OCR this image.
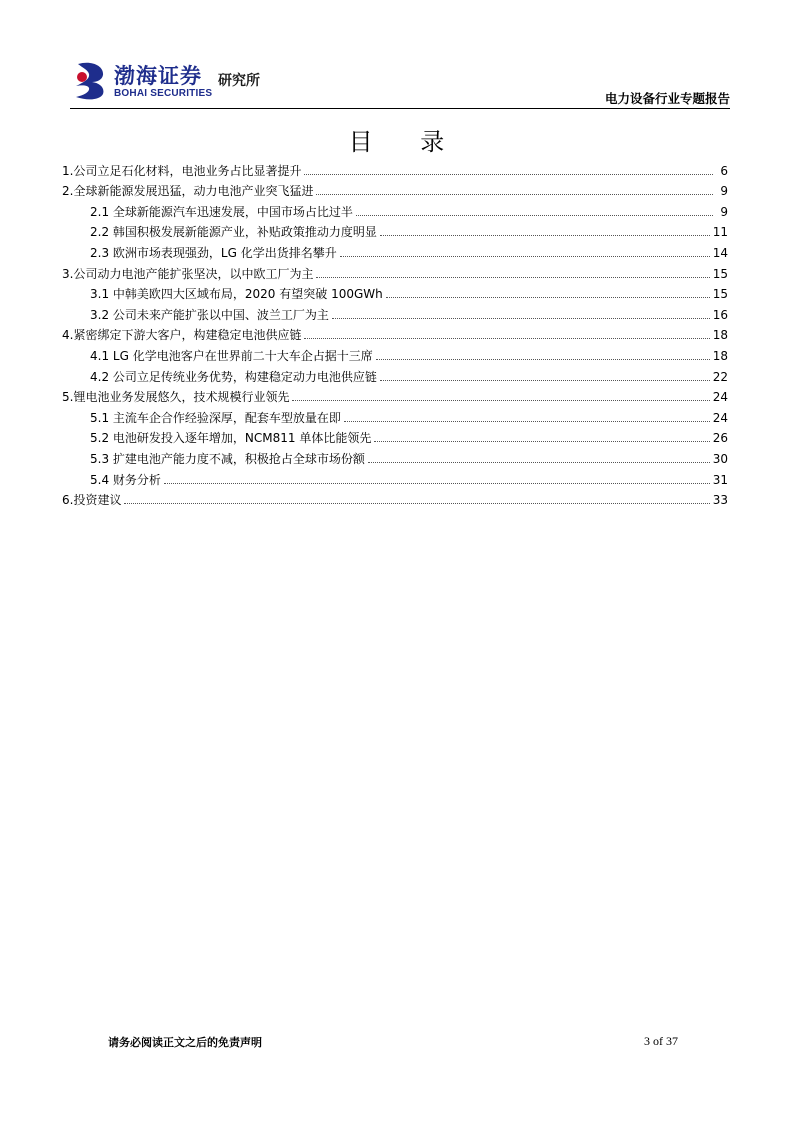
渤海证券
BOHAI SECURITIES
研究所
电力设备行业专题报告
目 录
1.公司立足石化材料，电池业务占比显著提升	6
2.全球新能源发展迅猛，动力电池产业突飞猛进	9
2.1 全球新能源汽车迅速发展，中国市场占比过半	9
2.2 韩国积极发展新能源产业，补贴政策推动力度明显	11
2.3 欧洲市场表现强劲，LG 化学出货排名攀升	14
3.公司动力电池产能扩张坚决，以中欧工厂为主	15
3.1 中韩美欧四大区域布局，2020 有望突破 100GWh	15
3.2 公司未来产能扩张以中国、波兰工厂为主	16
4.紧密绑定下游大客户，构建稳定电池供应链	18
4.1 LG 化学电池客户在世界前二十大车企占据十三席	18
4.2 公司立足传统业务优势，构建稳定动力电池供应链	22
5.锂电池业务发展悠久，技术规模行业领先	24
5.1 主流车企合作经验深厚，配套车型放量在即	24
5.2 电池研发投入逐年增加，NCM811 单体比能领先	26
5.3 扩建电池产能力度不减，积极抢占全球市场份额	30
5.4 财务分析	31
6.投资建议	33
请务必阅读正文之后的免责声明	3 of 37
